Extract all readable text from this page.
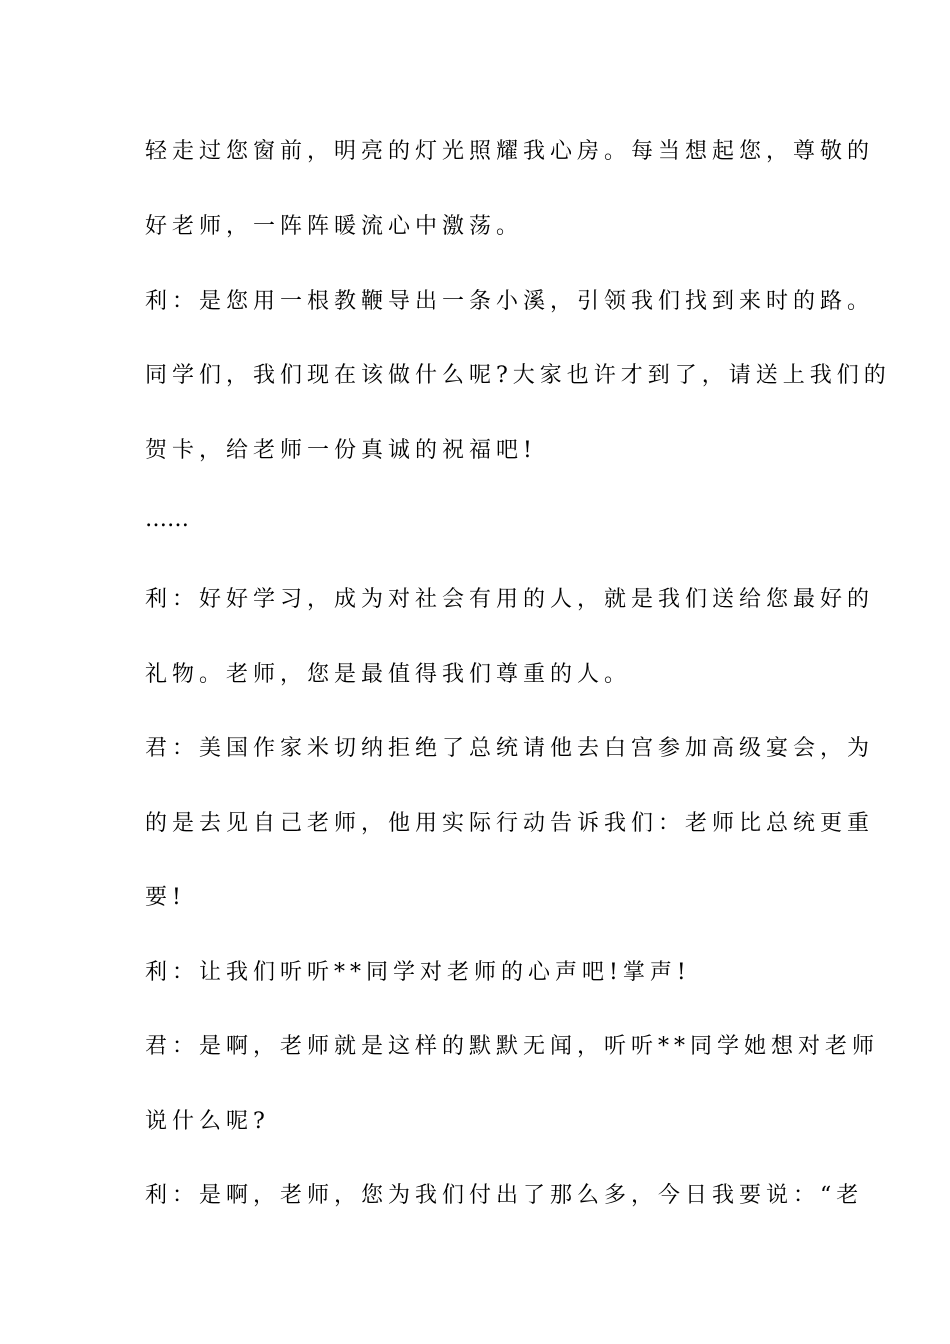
轻走过您窗前，明亮的灯光照耀我心房。每当想起您，尊敬的
好老师，一阵阵暖流心中激荡。
利：是您用一根教鞭导出一条小溪，引领我们找到来时的路。
同学们，我们现在该做什么呢?大家也许才到了，请送上我们的
贺卡，给老师一份真诚的祝福吧!
……
利：好好学习，成为对社会有用的人，就是我们送给您最好的
礼物。老师，您是最值得我们尊重的人。
君：美国作家米切纳拒绝了总统请他去白宫参加高级宴会，为
的是去见自己老师，他用实际行动告诉我们：老师比总统更重
要!
利：让我们听听**同学对老师的心声吧!掌声!
君：是啊，老师就是这样的默默无闻，听听**同学她想对老师
说什么呢?
利：是啊，老师，您为我们付出了那么多，今日我要说：“老
